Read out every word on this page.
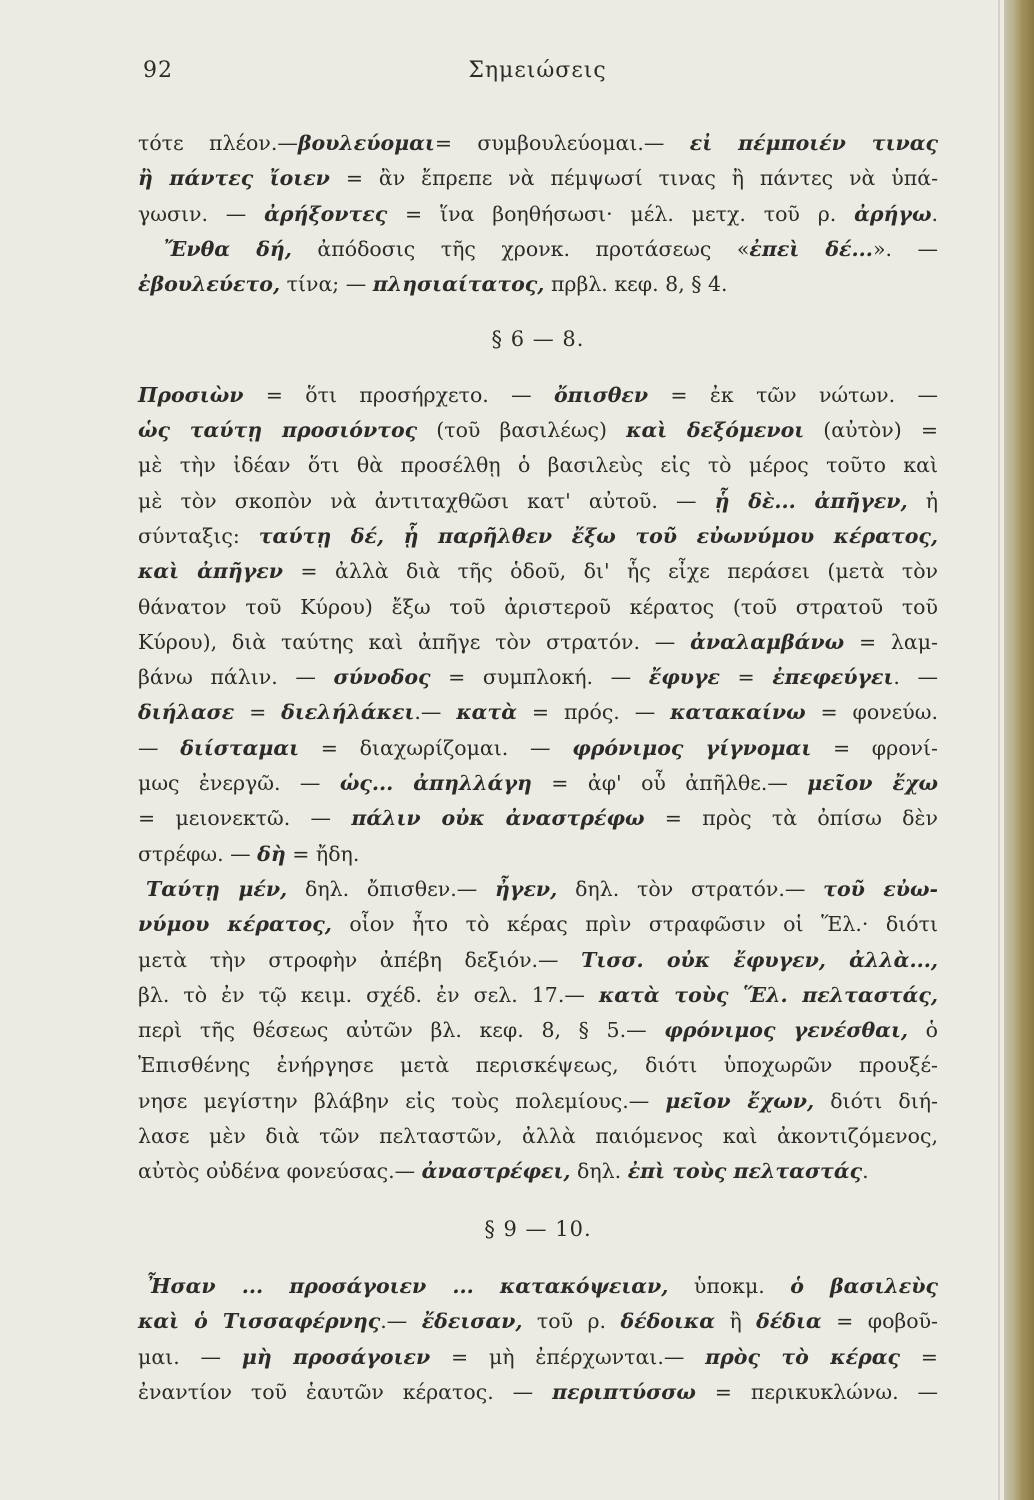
92	Σημειώσεις
τότε πλέον.—βουλεύομαι= συμβουλεύομαι.— εἰ πέμποιέν τινας
ἢ πάντες ἴοιεν = ἂν ἔπρεπε νὰ πέμψωσί τινας ἢ πάντες νὰ ὑπά-
γωσιν. — ἀρήξοντες = ἵνα βοηθήσωσι· μέλ. μετχ. τοῦ ρ. ἀρήγω.
Ἔνθα δή, ἀπόδοσις τῆς χρονκ. προτάσεως «ἐπεὶ δέ...». —
ἐβουλεύετο, τίνα; — πλησιαίτατος, πρβλ. κεφ. 8, § 4.
§ 6 — 8.
Προσιὼν = ὅτι προσήρχετο. — ὄπισθεν = ἐκ τῶν νώτων. —
ὡς ταύτῃ προσιόντος (τοῦ βασιλέως) καὶ δεξόμενοι (αὐτὸν) =
μὲ τὴν ἰδέαν ὅτι θὰ προσέλθῃ ὁ βασιλεὺς εἰς τὸ μέρος τοῦτο καὶ
μὲ τὸν σκοπὸν νὰ ἀντιταχθῶσι κατ' αὐτοῦ. — ᾗ δὲ... ἀπῆγεν, ἡ
σύνταξις: ταύτῃ δέ, ᾗ παρῆλθεν ἔξω τοῦ εὐωνύμου κέρατος,
καὶ ἀπῆγεν = ἀλλὰ διὰ τῆς ὁδοῦ, δι' ἧς εἶχε περάσει (μετὰ τὸν
θάνατον τοῦ Κύρου) ἔξω τοῦ ἀριστεροῦ κέρατος (τοῦ στρατοῦ τοῦ
Κύρου), διὰ ταύτης καὶ ἀπῆγε τὸν στρατόν. — ἀναλαμβάνω = λαμ-
βάνω πάλιν. — σύνοδος = συμπλοκή. — ἔφυγε = ἐπεφεύγει. —
διήλασε = διελήλάκει.— κατὰ = πρός. — κατακαίνω = φονεύω.
— διίσταμαι = διαχωρίζομαι. — φρόνιμος γίγνομαι = φρονί-
μως ἐνεργῶ. — ὡς... ἀπηλλάγη = ἀφ' οὗ ἀπῆλθε.— μεῖον ἔχω
= μειονεκτῶ. — πάλιν οὐκ ἀναστρέφω = πρὸς τὰ ὀπίσω δὲν
στρέφω. — δὴ = ἤδη.
Ταύτῃ μέν, δηλ. ὄπισθεν.— ἦγεν, δηλ. τὸν στρατόν.— τοῦ εὐω-
νύμου κέρατος, οἷον ἦτο τὸ κέρας πρὶν στραφῶσιν οἱ Ἕλ.· διότι
μετὰ τὴν στροφὴν ἀπέβη δεξιόν.— Τισσ. οὐκ ἔφυγεν, ἀλλὰ...,
βλ. τὸ ἐν τῷ κειμ. σχέδ. ἐν σελ. 17.— κατὰ τοὺς Ἕλ. πελταστάς,
περὶ τῆς θέσεως αὐτῶν βλ. κεφ. 8, § 5.— φρόνιμος γενέσθαι, ὁ
Ἐπισθένης ἐνήργησε μετὰ περισκέψεως, διότι ὑποχωρῶν προυξέ-
νησε μεγίστην βλάβην εἰς τοὺς πολεμίους.— μεῖον ἔχων, διότι διή-
λασε μὲν διὰ τῶν πελταστῶν, ἀλλὰ παιόμενος καὶ ἀκοντιζόμενος,
αὐτὸς οὐδένα φονεύσας.— ἀναστρέφει, δηλ. ἐπὶ τοὺς πελταστάς.
§ 9 — 10.
Ἦσαν ... προσάγοιεν ... κατακόψειαν, ὑποκμ. ὁ βασιλεὺς
καὶ ὁ Τισσαφέρνης.— ἔδεισαν, τοῦ ρ. δέδοικα ἢ δέδια = φοβοῦ-
μαι. — μὴ προσάγοιεν = μὴ ἐπέρχωνται.— πρὸς τὸ κέρας =
ἐναντίον τοῦ ἑαυτῶν κέρατος. — περιπτύσσω = περικυκλώνω. —
